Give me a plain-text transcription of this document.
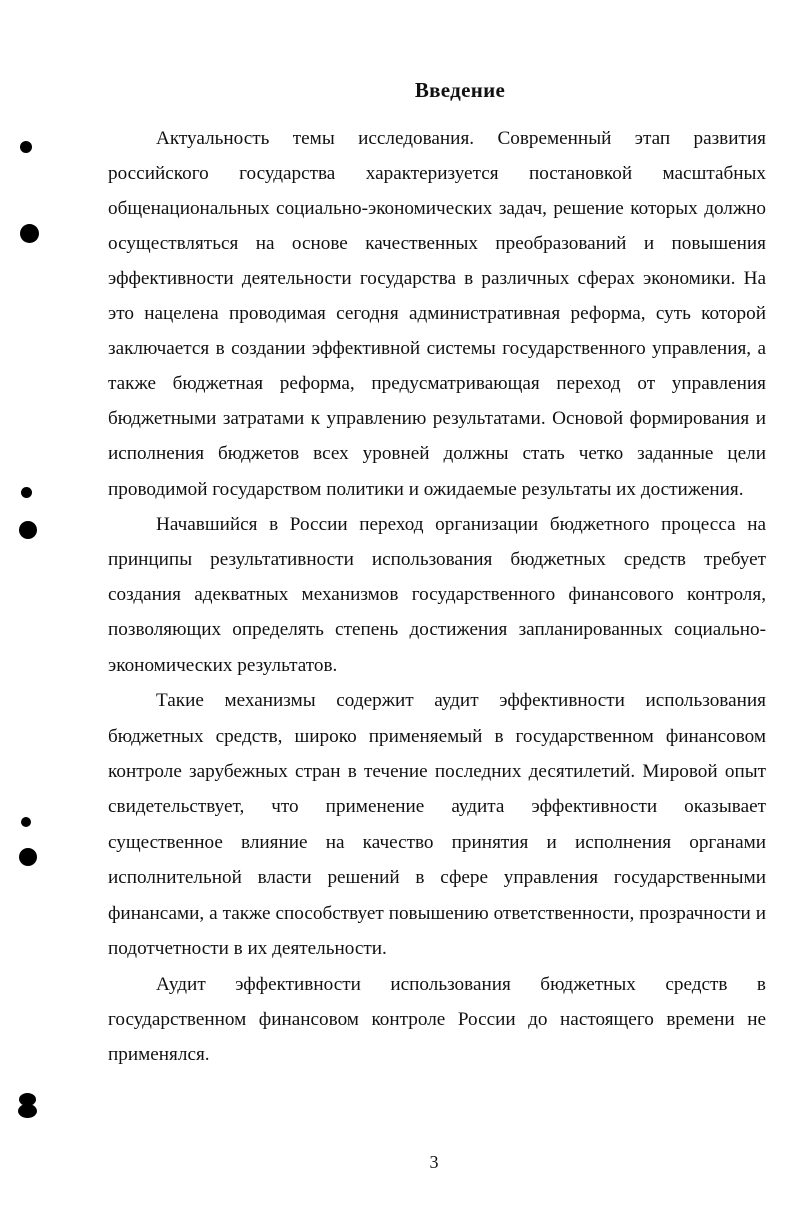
Введение
Актуальность темы исследования. Современный этап развития
российского государства характеризуется постановкой масштабных
общенациональных социально-экономических задач, решение которых должно
осуществляться на основе качественных преобразований и повышения
эффективности деятельности государства в различных сферах экономики. На
это нацелена проводимая сегодня административная реформа, суть которой
заключается в создании эффективной системы государственного управления, а
также бюджетная реформа, предусматривающая переход от управления
бюджетными затратами к управлению результатами. Основой формирования и
исполнения бюджетов всех уровней должны стать четко заданные цели
проводимой государством политики и ожидаемые результаты их достижения.
Начавшийся в России переход организации бюджетного процесса на
принципы результативности использования бюджетных средств требует
создания адекватных механизмов государственного финансового контроля,
позволяющих определять степень достижения запланированных социально-
экономических результатов.
Такие механизмы содержит аудит эффективности использования
бюджетных средств, широко применяемый в государственном финансовом
контроле зарубежных стран в течение последних десятилетий. Мировой опыт
свидетельствует, что применение аудита эффективности оказывает
существенное влияние на качество принятия и исполнения органами
исполнительной власти решений в сфере управления государственными
финансами, а также способствует повышению ответственности, прозрачности и
подотчетности в их деятельности.
Аудит эффективности использования бюджетных средств в
государственном финансовом контроле России до настоящего времени не
применялся.
3
